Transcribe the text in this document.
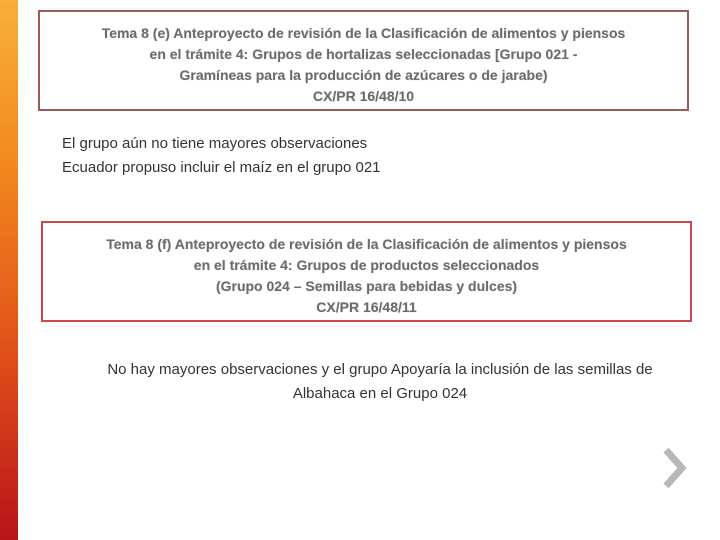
Tema 8 (e) Anteproyecto de revisión de la Clasificación de alimentos y piensos
en el trámite 4: Grupos de hortalizas seleccionadas [Grupo 021 -
Gramíneas para la producción de azúcares o de jarabe)
CX/PR 16/48/10
El grupo aún no tiene mayores observaciones
Ecuador propuso incluir el maíz en el grupo 021
Tema 8 (f) Anteproyecto de revisión de la Clasificación de alimentos y piensos
en el trámite 4: Grupos de productos seleccionados
(Grupo 024 – Semillas para bebidas y dulces)
CX/PR 16/48/11
No hay mayores observaciones y el grupo Apoyaría la inclusión de las semillas de
Albahaca en el Grupo 024
